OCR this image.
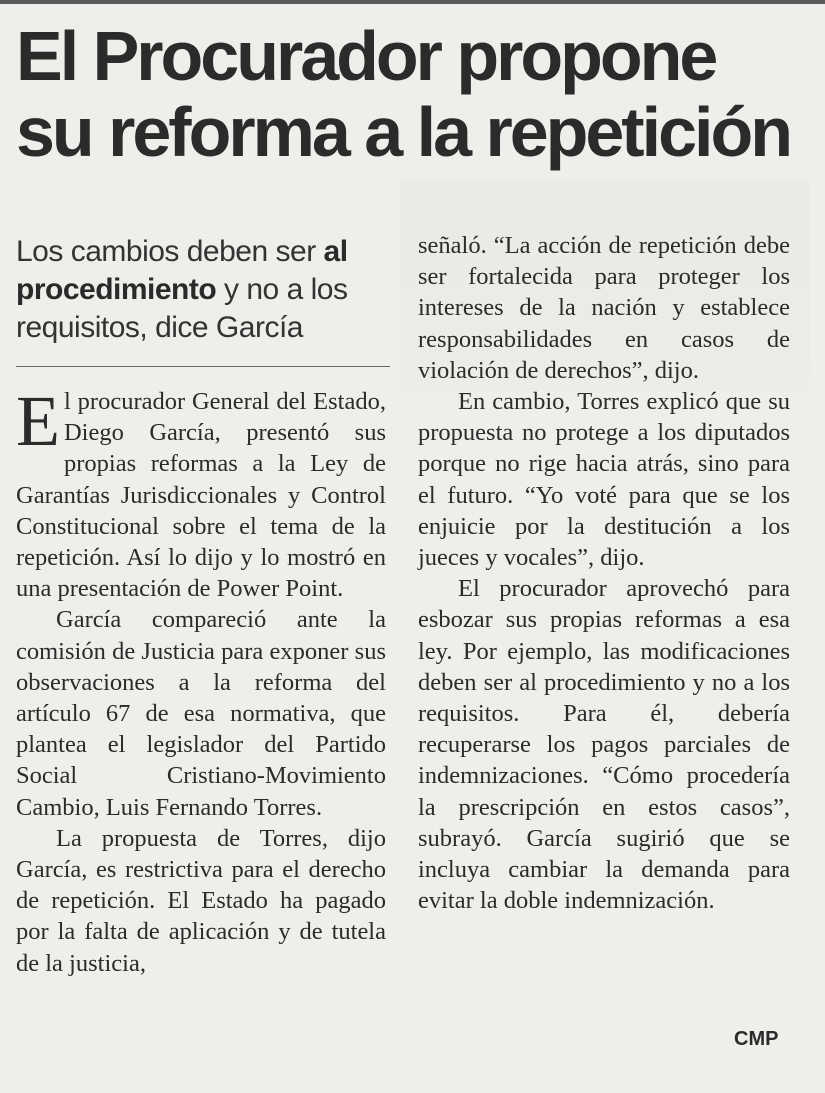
El Procurador propone
su reforma a la repetición
Los cambios deben ser al procedimiento y no a los requisitos, dice García

El procurador General del Estado, Diego García, presentó sus propias reformas a la Ley de Garantías Jurisdiccionales y Control Constitucional sobre el tema de la repetición. Así lo dijo y lo mostró en una presentación de Power Point.

García compareció ante la comisión de Justicia para exponer sus observaciones a la reforma del artículo 67 de esa normativa, que plantea el legislador del Partido Social Cristiano-Movimiento Cambio, Luis Fernando Torres.

La propuesta de Torres, dijo García, es restrictiva para el derecho de repetición. El Estado ha pagado por la falta de aplicación y de tutela de la justicia,

señaló. “La acción de repetición debe ser fortalecida para proteger los intereses de la nación y establece responsabilidades en casos de violación de derechos”, dijo.

En cambio, Torres explicó que su propuesta no protege a los diputados porque no rige hacia atrás, sino para el futuro. “Yo voté para que se los enjuicie por la destitución a los jueces y vocales”, dijo.

El procurador aprovechó para esbozar sus propias reformas a esa ley. Por ejemplo, las modificaciones deben ser al procedimiento y no a los requisitos. Para él, debería recuperarse los pagos parciales de indemnizaciones. “Cómo procedería la prescripción en estos casos”, subrayó. García sugirió que se incluya cambiar la demanda para evitar la doble indemnización.

CMP
